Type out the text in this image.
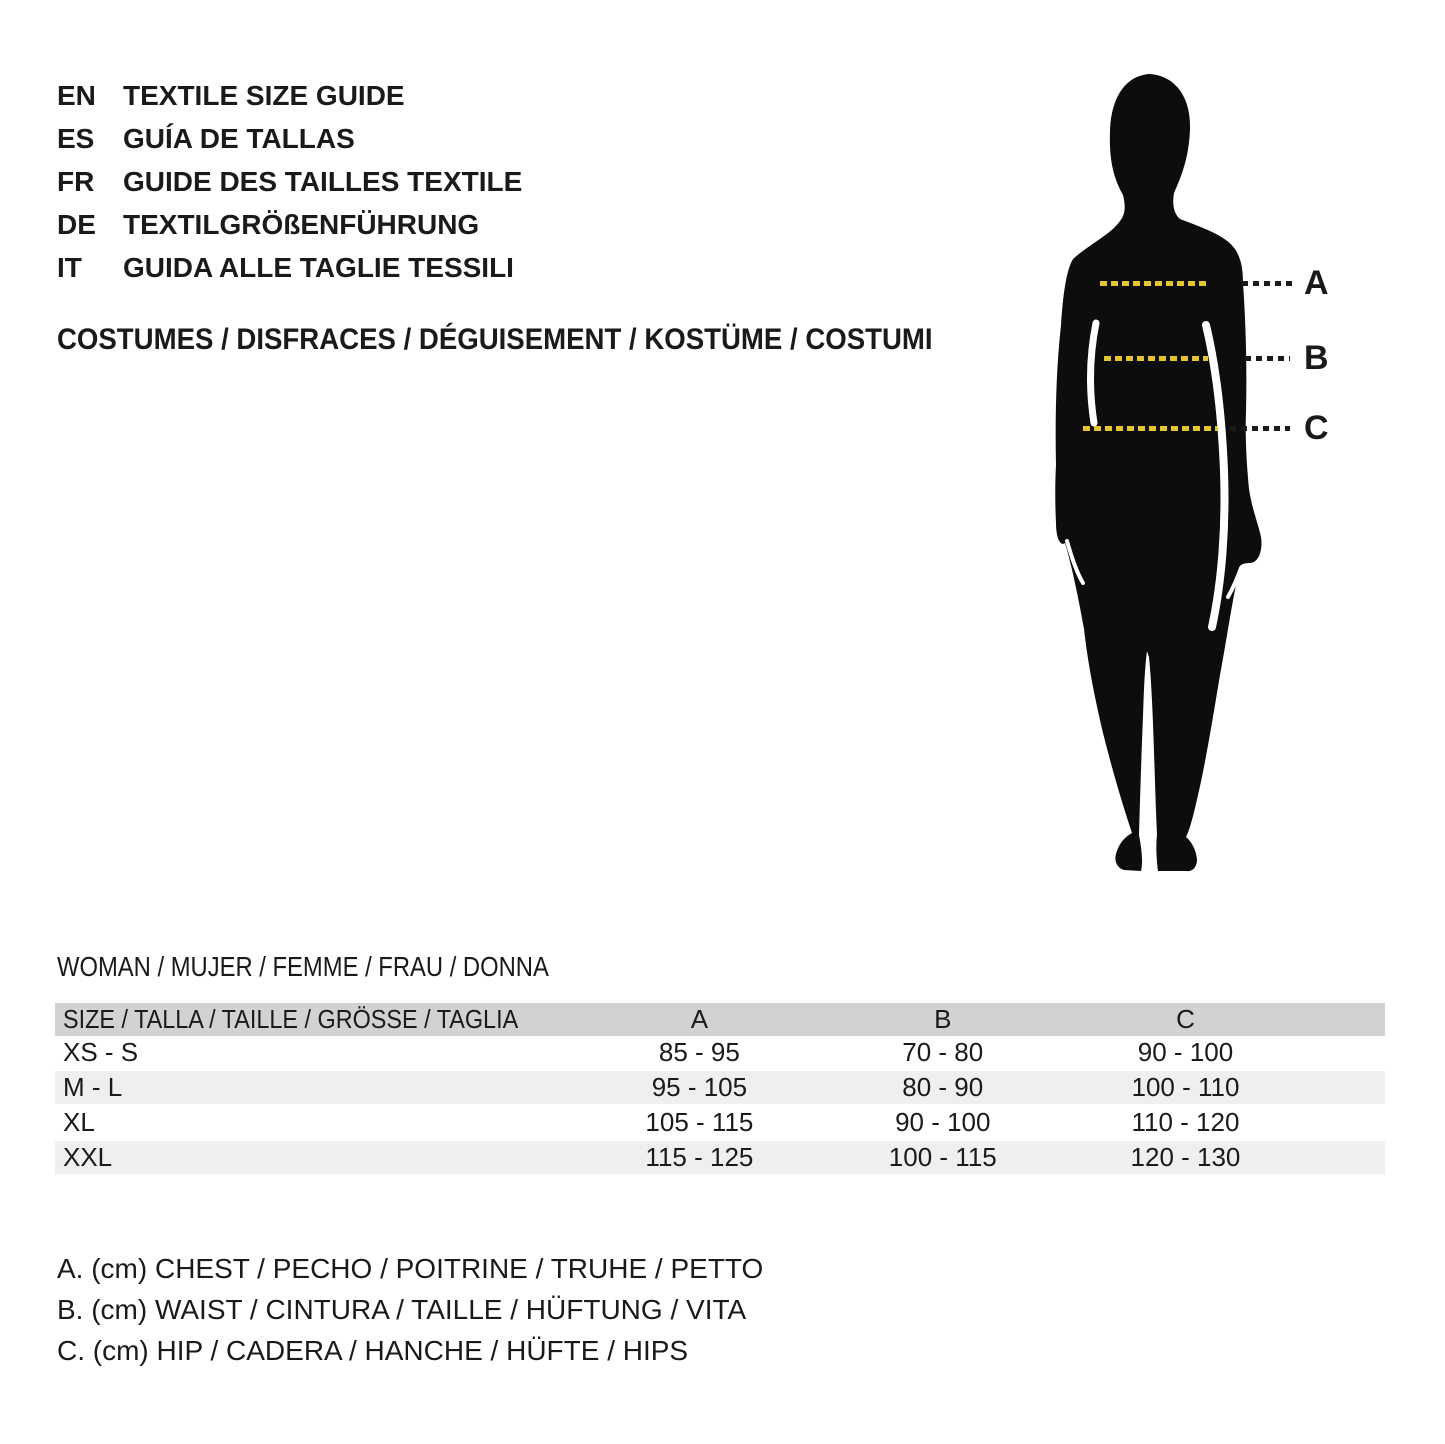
EN TEXTILE SIZE GUIDE
ES	GUÍA DE TALLAS
FR	GUIDE DES TAILLES TEXTILE
DE TEXTILGRÖßENFÜHRUNG
IT	GUIDA ALLE TAGLIE TESSILI
COSTUMES / DISFRACES / DÉGUISEMENT / KOSTÜME / COSTUMI
A
B
C
WOMAN / MUJER / FEMME / FRAU / DONNA
SIZE / TALLA / TAILLE / GRÖSSE / TAGLIA	A	B	C	
XS - S	85 - 95	70 - 80	90 - 100	
M - L	95 - 105	80 - 90	100 - 110	
XL	105 - 115	90 - 100	110 - 120	
XXL	115 - 125	100 - 115	120 - 130	
A. (cm) CHEST / PECHO / POITRINE / TRUHE / PETTO
B. (cm) WAIST / CINTURA / TAILLE / HÜFTUNG / VITA
C. (cm) HIP / CADERA / HANCHE / HÜFTE / HIPS
